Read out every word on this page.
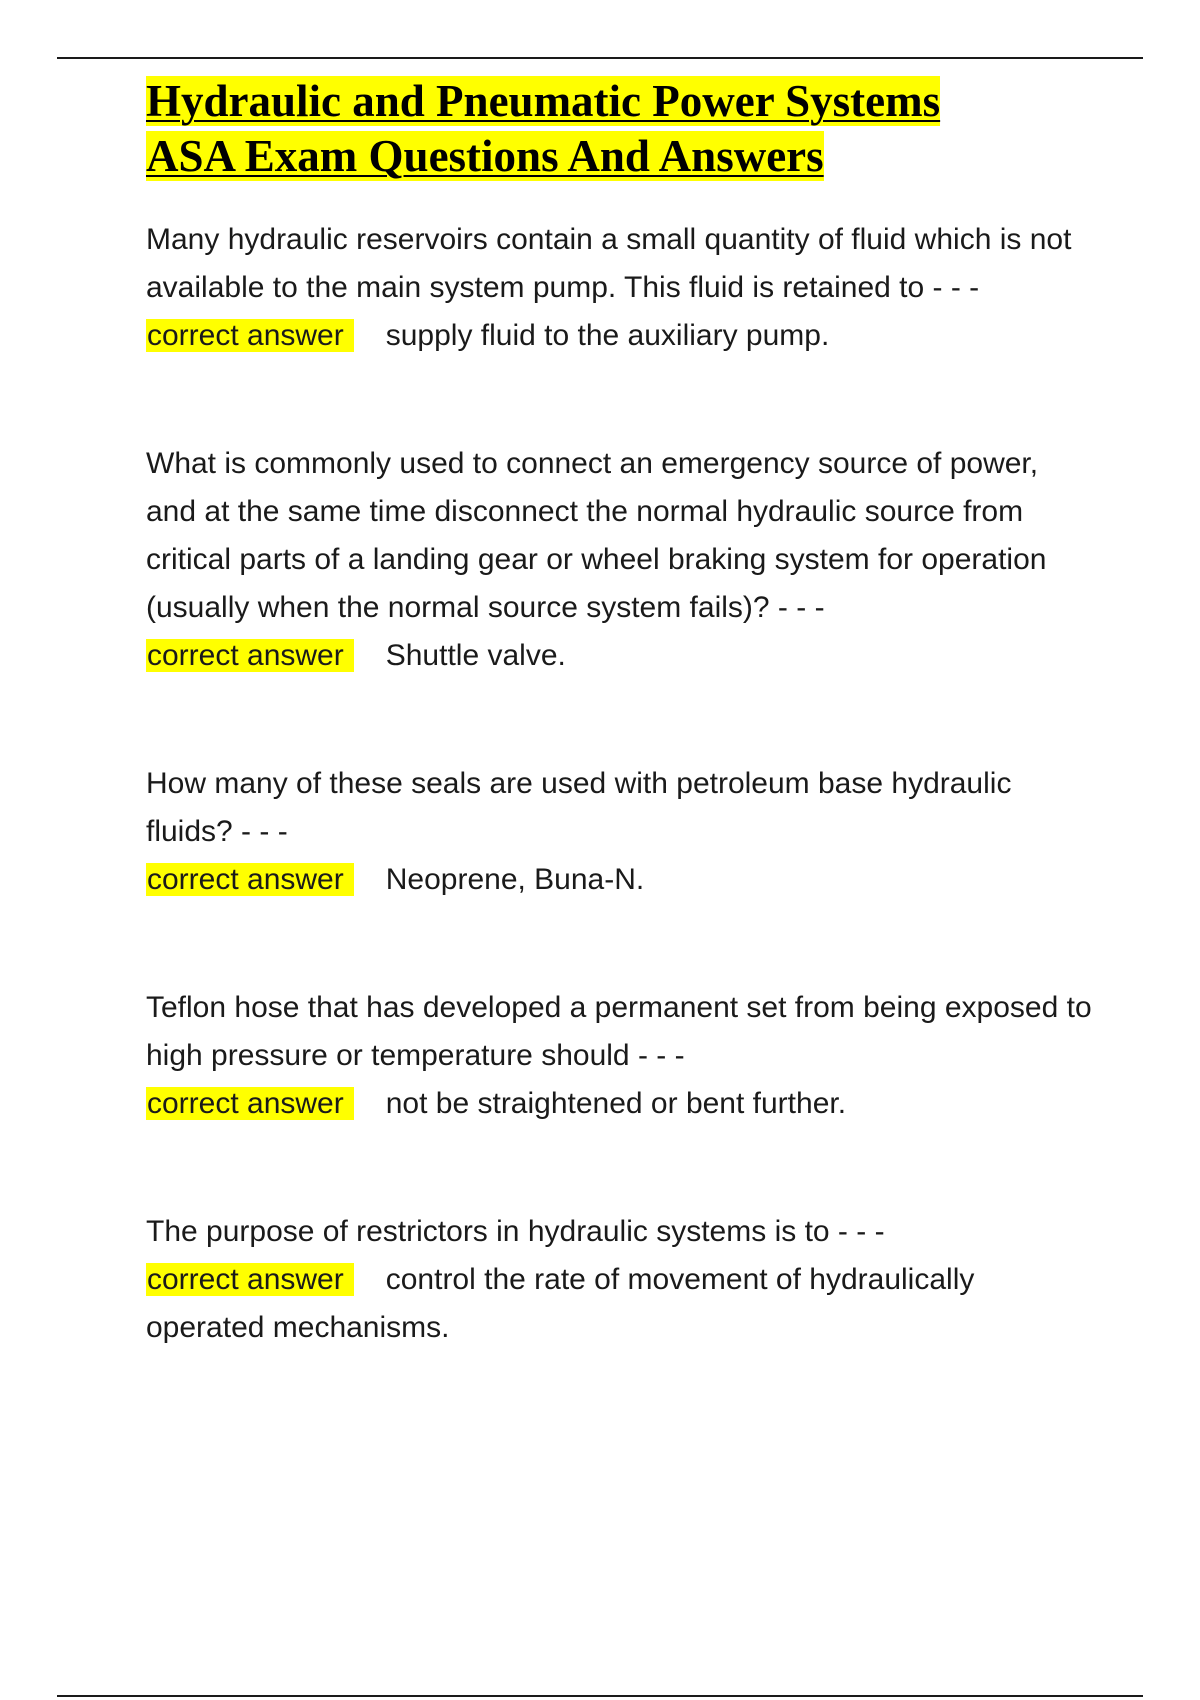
Hydraulic and Pneumatic Power Systems
ASA Exam Questions And Answers
Many hydraulic reservoirs contain a small quantity of fluid which is not available to the main system pump. This fluid is retained to - - -
correct answer supply fluid to the auxiliary pump.
What is commonly used to connect an emergency source of power, and at the same time disconnect the normal hydraulic source from critical parts of a landing gear or wheel braking system for operation (usually when the normal source system fails)? - - -
correct answer Shuttle valve.
How many of these seals are used with petroleum base hydraulic fluids? - - -
correct answer Neoprene, Buna-N.
Teflon hose that has developed a permanent set from being exposed to high pressure or temperature should - - -
correct answer not be straightened or bent further.
The purpose of restrictors in hydraulic systems is to - - -
correct answer control the rate of movement of hydraulically operated mechanisms.
